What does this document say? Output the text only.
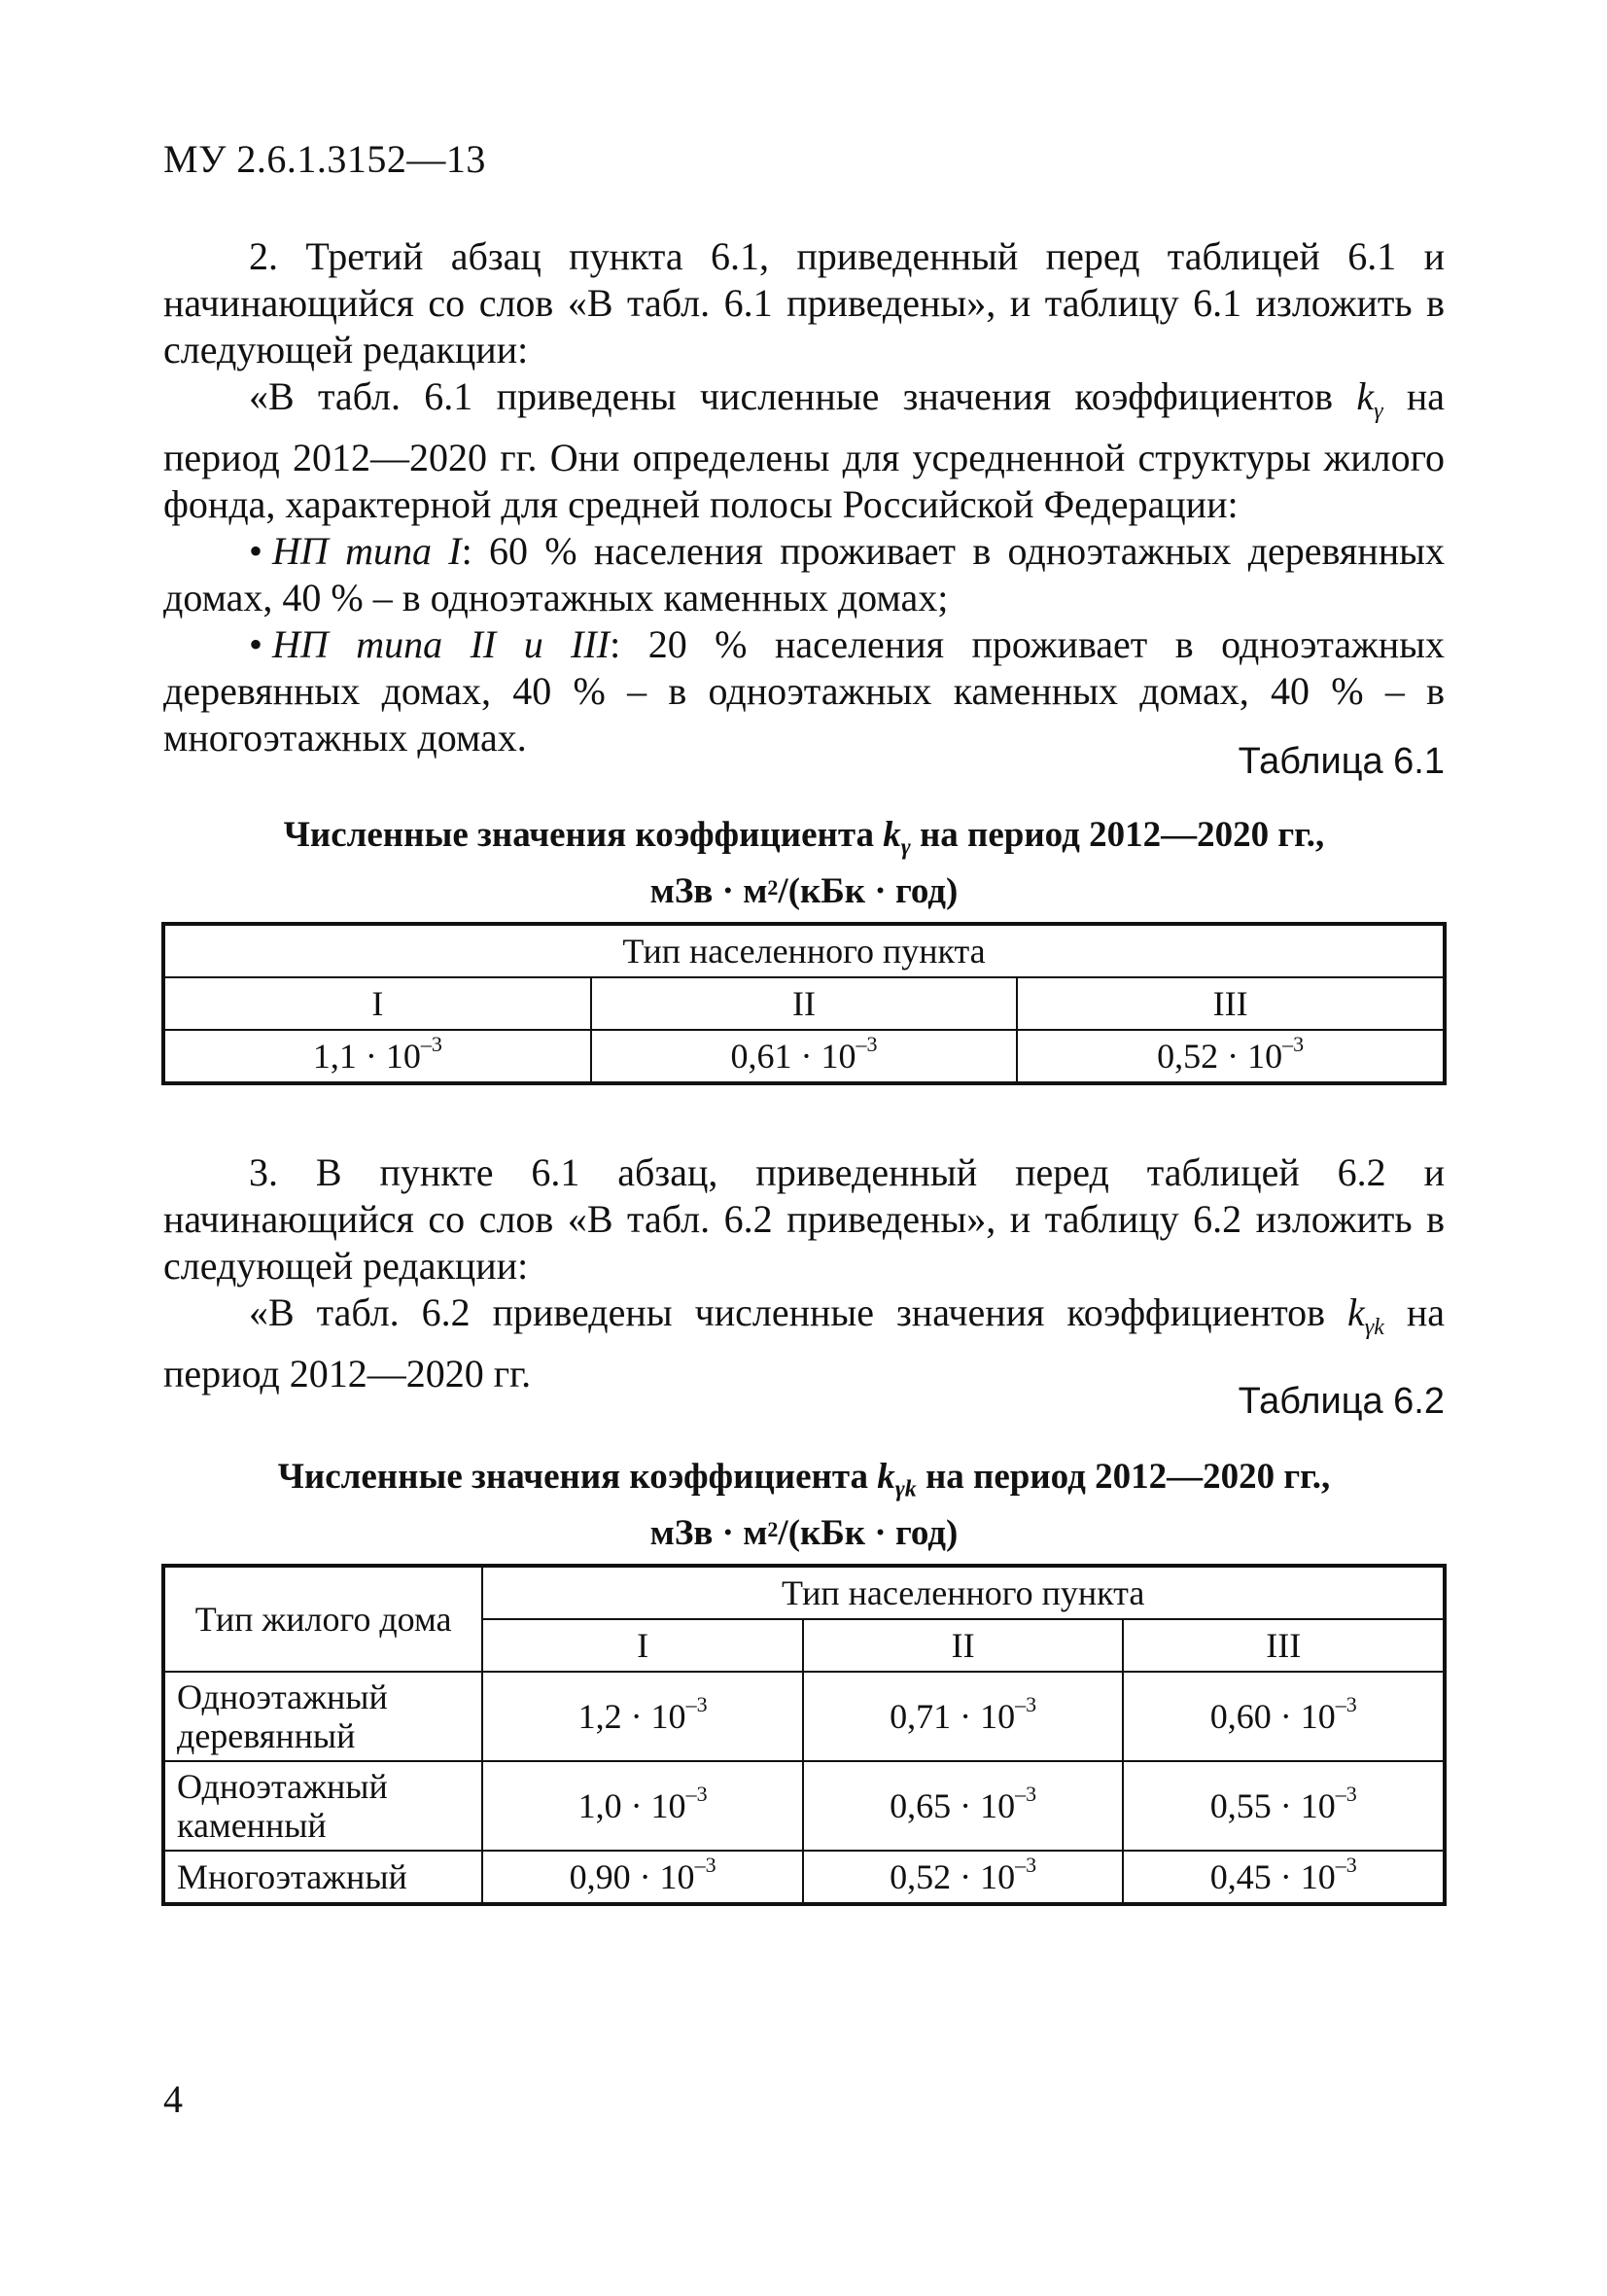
МУ 2.6.1.3152—13

2. Третий абзац пункта 6.1, приведенный перед таблицей 6.1 и начинающийся со слов «В табл. 6.1 приведены», и таблицу 6.1 изложить в следующей редакции:

«В табл. 6.1 приведены численные значения коэффициентов $k_\gamma$ на период 2012—2020 гг. Они определены для усредненной структуры жилого фонда, характерной для средней полосы Российской Федерации:

• НП типа I: 60 % населения проживает в одноэтажных деревянных домах, 40 % – в одноэтажных каменных домах;

• НП типа II и III: 20 % населения проживает в одноэтажных деревянных домах, 40 % – в одноэтажных каменных домах, 40 % – в многоэтажных домах.

Таблица 6.1
Численные значения коэффициента $k_\gamma$ на период 2012—2020 гг.,
мЗв · $м^2/(кБк \cdot год)$
Тип населенного пункта		
I	II	III
$1,1 \cdot 10^{-3}$	$0,61 \cdot 10^{-3}$	$0,52 \cdot 10^{-3}$

3. В пункте 6.1 абзац, приведенный перед таблицей 6.2 и начинающийся со слов «В табл. 6.2 приведены», и таблицу 6.2 изложить в следующей редакции:

«В табл. 6.2 приведены численные значения коэффициентов $k_{\gamma k}$ на период 2012—2020 гг.

Таблица 6.2
Численные значения коэффициента $k_{\gamma k}$ на период 2012—2020 гг.,
мЗв · $м^2/(кБк \cdot год)$
Тип жилого дома	Тип населенного пункта		
	I	II	III
Одноэтажный деревянный	$1,2 \cdot 10^{-3}$	$0,71 \cdot 10^{-3}$	$0,60 \cdot 10^{-3}$
Одноэтажный каменный	$1,0 \cdot 10^{-3}$	$0,65 \cdot 10^{-3}$	$0,55 \cdot 10^{-3}$
Многоэтажный	$0,90 \cdot 10^{-3}$	$0,52 \cdot 10^{-3}$	$0,45 \cdot 10^{-3}$
4
